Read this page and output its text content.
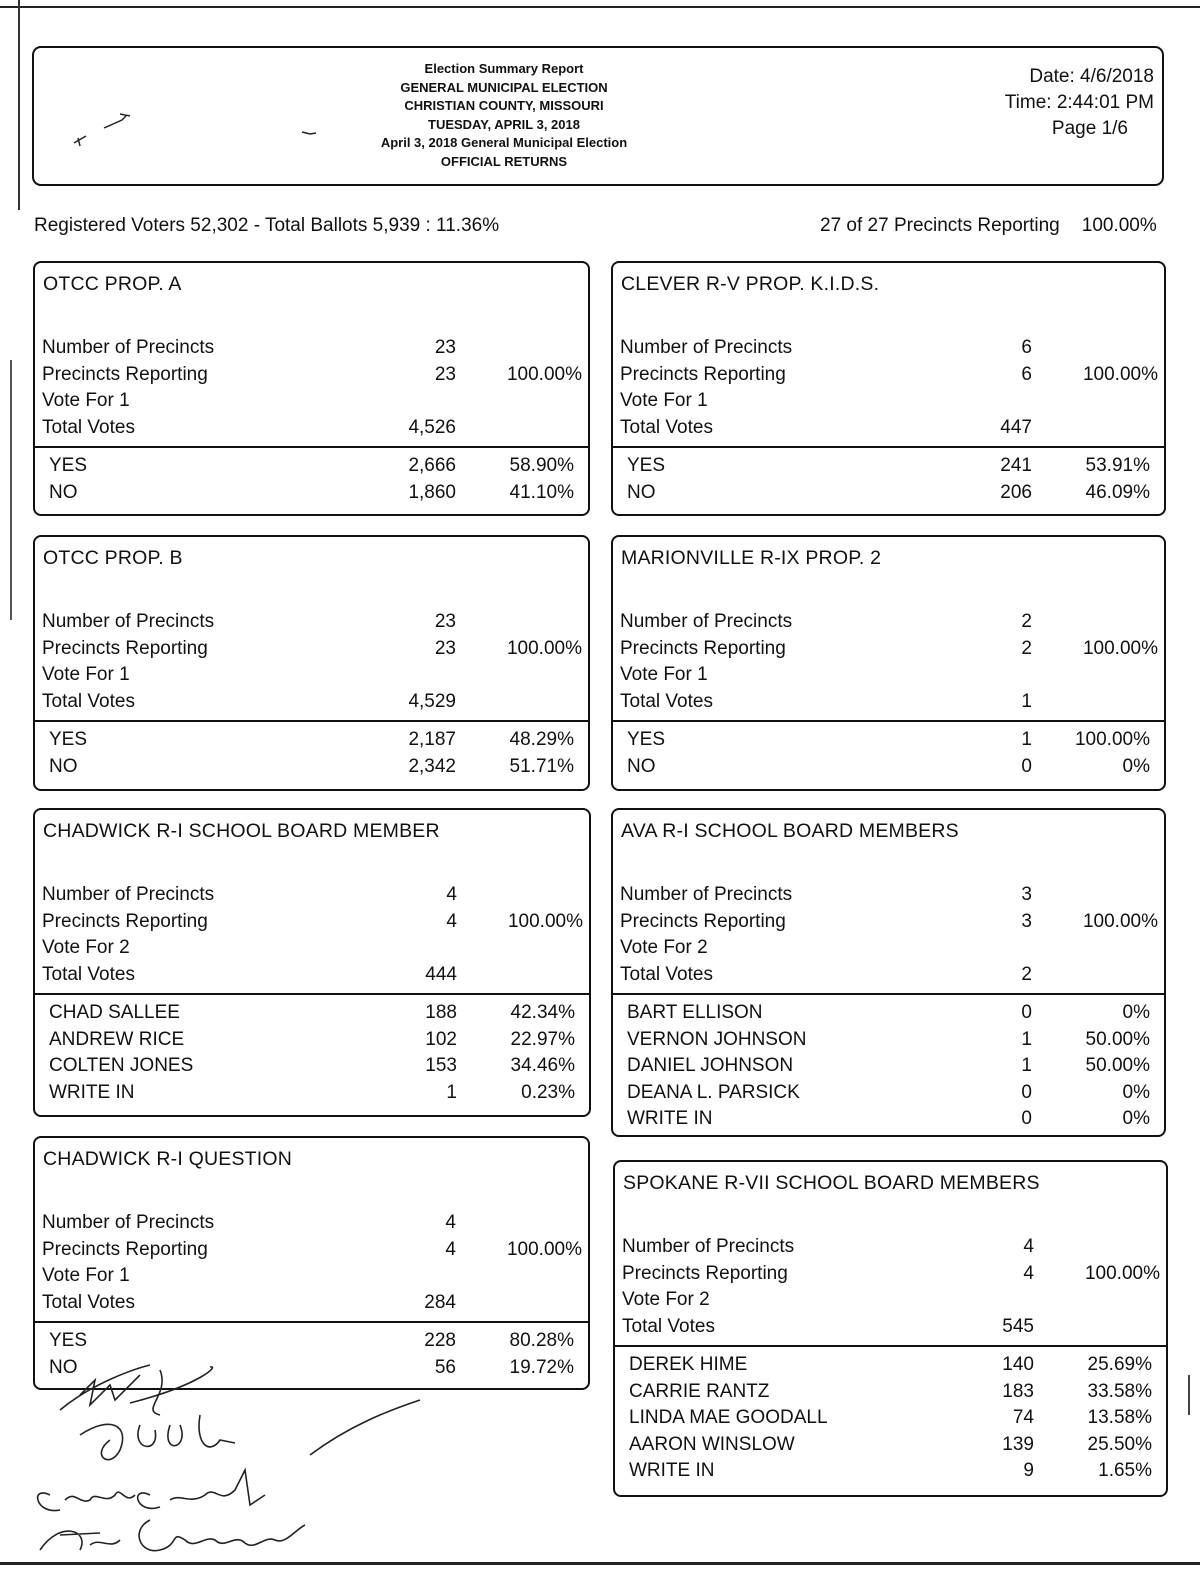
Election Summary Report
GENERAL MUNICIPAL ELECTION
CHRISTIAN COUNTY, MISSOURI
TUESDAY, APRIL 3, 2018
April 3, 2018 General Municipal Election
OFFICIAL RETURNS
Date: 4/6/2018
Time: 2:44:01 PM
Page 1/6
Registered Voters 52,302 - Total Ballots 5,939 : 11.36%	27 of 27 Precincts Reporting 100.00%
OTCC PROP. A
Number of Precincts	23
Precincts Reporting	23	100.00%
Vote For 1
Total Votes	4,526
YES	2,666	58.90%
NO	1,860	41.10%
CLEVER R-V PROP. K.I.D.S.
Number of Precincts	6
Precincts Reporting	6	100.00%
Vote For 1
Total Votes	447
YES	241	53.91%
NO	206	46.09%
OTCC PROP. B
Number of Precincts	23
Precincts Reporting	23	100.00%
Vote For 1
Total Votes	4,529
YES	2,187	48.29%
NO	2,342	51.71%
MARIONVILLE R-IX PROP. 2
Number of Precincts	2
Precincts Reporting	2	100.00%
Vote For 1
Total Votes	1
YES	1 100.00%
NO	0	0%
CHADWICK R-I SCHOOL BOARD MEMBER
Number of Precincts	4
Precincts Reporting	4	100.00%
Vote For 2
Total Votes	444
CHAD SALLEE	188	42.34%
ANDREW RICE	102	22.97%
COLTEN JONES	153	34.46%
WRITE IN	1	0.23%
AVA R-I SCHOOL BOARD MEMBERS
Number of Precincts	3
Precincts Reporting	3	100.00%
Vote For 2
Total Votes	2
BART ELLISON	0	0%
VERNON JOHNSON	1	50.00%
DANIEL JOHNSON	1	50.00%
DEANA L. PARSICK	0	0%
WRITE IN	0	0%
CHADWICK R-I QUESTION
Number of Precincts	4
Precincts Reporting	4	100.00%
Vote For 1
Total Votes	284
YES	228	80.28%
NO	56	19.72%
SPOKANE R-VII SCHOOL BOARD MEMBERS
Number of Precincts	4
Precincts Reporting	4	100.00%
Vote For 2
Total Votes	545
DEREK HIME	140	25.69%
CARRIE RANTZ	183	33.58%
LINDA MAE GOODALL	74	13.58%
AARON WINSLOW	139	25.50%
WRITE IN	9	1.65%
